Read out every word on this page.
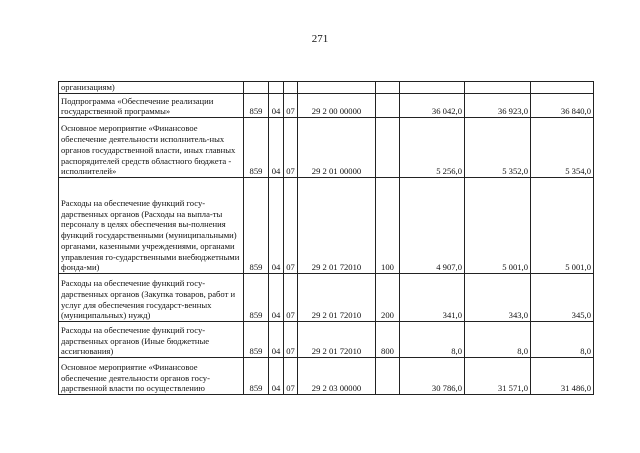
271
организациям)								
Подпрограмма «Обеспечение реализации государственной программы»	859	04	07	29 2 00 00000		36 042,0	36 923,0	36 840,0
Основное мероприятие «Финансовое обеспечение деятельности исполнитель-ных органов государственной власти, иных главных распорядителей средств областного бюджета - исполнителей»	859	04	07	29 2 01 00000		5 256,0	5 352,0	5 354,0
Расходы на обеспечение функций госу-дарственных органов (Расходы на выпла-ты персоналу в целях обеспечения вы-полнения функций государственными (муниципальными) органами, казенными учреждениями, органами управления го-сударственными внебюджетными фонда-ми)	859	04	07	29 2 01 72010	100	4 907,0	5 001,0	5 001,0
Расходы на обеспечение функций госу-дарственных органов (Закупка товаров, работ и услуг для обеспечения государст-венных (муниципальных) нужд)	859	04	07	29 2 01 72010	200	341,0	343,0	345,0
Расходы на обеспечение функций госу-дарственных органов (Иные бюджетные ассигнования)	859	04	07	29 2 01 72010	800	8,0	8,0	8,0
Основное мероприятие «Финансовое обеспечение деятельности органов госу-дарственной власти по осуществлению	859	04	07	29 2 03 00000		30 786,0	31 571,0	31 486,0
